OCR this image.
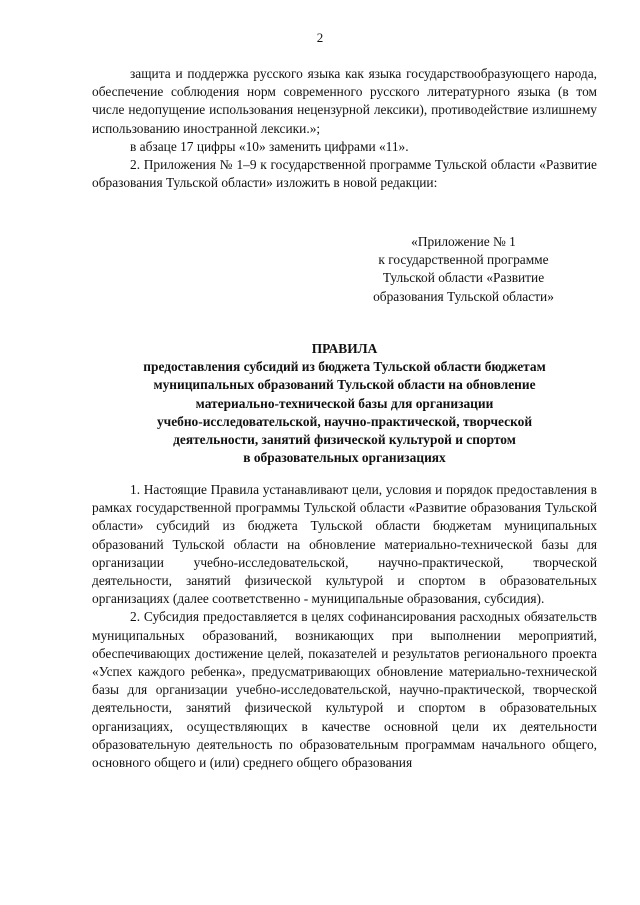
2

защита и поддержка русского языка как языка государствообразующего народа, обеспечение соблюдения норм современного русского литературного языка (в том числе недопущение использования нецензурной лексики), противодействие излишнему использованию иностранной лексики.»;

в абзаце 17 цифры «10» заменить цифрами «11».

2. Приложения № 1–9 к государственной программе Тульской области «Развитие образования Тульской области» изложить в новой редакции:

«Приложение № 1
к государственной программе
Тульской области «Развитие
образования Тульской области»
ПРАВИЛА
предоставления субсидий из бюджета Тульской области бюджетам
муниципальных образований Тульской области на обновление
материально-технической базы для организации
учебно-исследовательской, научно-практической, творческой
деятельности, занятий физической культурой и спортом
в образовательных организациях

1. Настоящие Правила устанавливают цели, условия и порядок предоставления в рамках государственной программы Тульской области «Развитие образования Тульской области» субсидий из бюджета Тульской области бюджетам муниципальных образований Тульской области на обновление материально-технической базы для организации учебно-исследовательской, научно-практической, творческой деятельности, занятий физической культурой и спортом в образовательных организациях (далее соответственно - муниципальные образования, субсидия).

2. Субсидия предоставляется в целях софинансирования расходных обязательств муниципальных образований, возникающих при выполнении мероприятий, обеспечивающих достижение целей, показателей и результатов регионального проекта «Успех каждого ребенка», предусматривающих обновление материально-технической базы для организации учебно-исследовательской, научно-практической, творческой деятельности, занятий физической культурой и спортом в образовательных организациях, осуществляющих в качестве основной цели их деятельности образовательную деятельность по образовательным программам начального общего, основного общего и (или) среднего общего образования
